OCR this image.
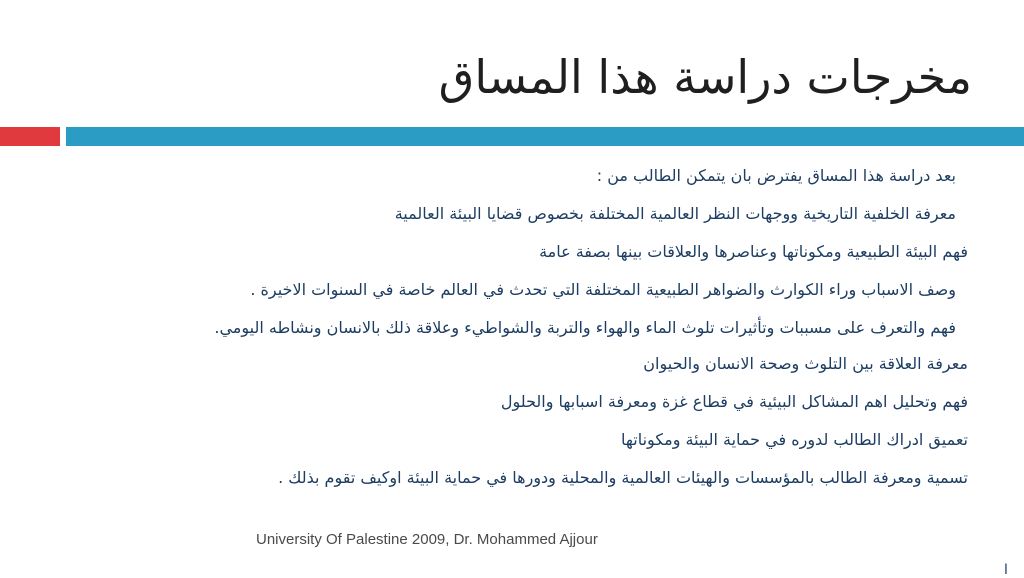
مخرجات دراسة هذا المساق
بعد دراسة هذا المساق يفترض بان يتمكن الطالب من :
معرفة الخلفية التاريخية ووجهات النظر العالمية المختلفة بخصوص قضايا البيئة العالمية
فهم البيئة الطبيعية ومكوناتها وعناصرها والعلاقات بينها بصفة عامة
وصف الاسباب وراء الكوارث والضواهر الطبيعية المختلفة التي تحدث في العالم خاصة في السنوات الاخيرة .
فهم والتعرف على مسببات وتأثيرات تلوث الماء والهواء والتربة والشواطيء وعلاقة ذلك بالانسان ونشاطه اليومي.
معرفة العلاقة بين التلوث وصحة الانسان والحيوان
فهم وتحليل اهم المشاكل البيئية في قطاع غزة ومعرفة اسبابها والحلول
تعميق ادراك الطالب لدوره في حماية البيئة ومكوناتها
تسمية ومعرفة الطالب بالمؤسسات والهيئات العالمية والمحلية ودورها في حماية البيئة اوكيف تقوم بذلك .
University Of Palestine 2009, Dr. Mohammed Ajjour
ا
